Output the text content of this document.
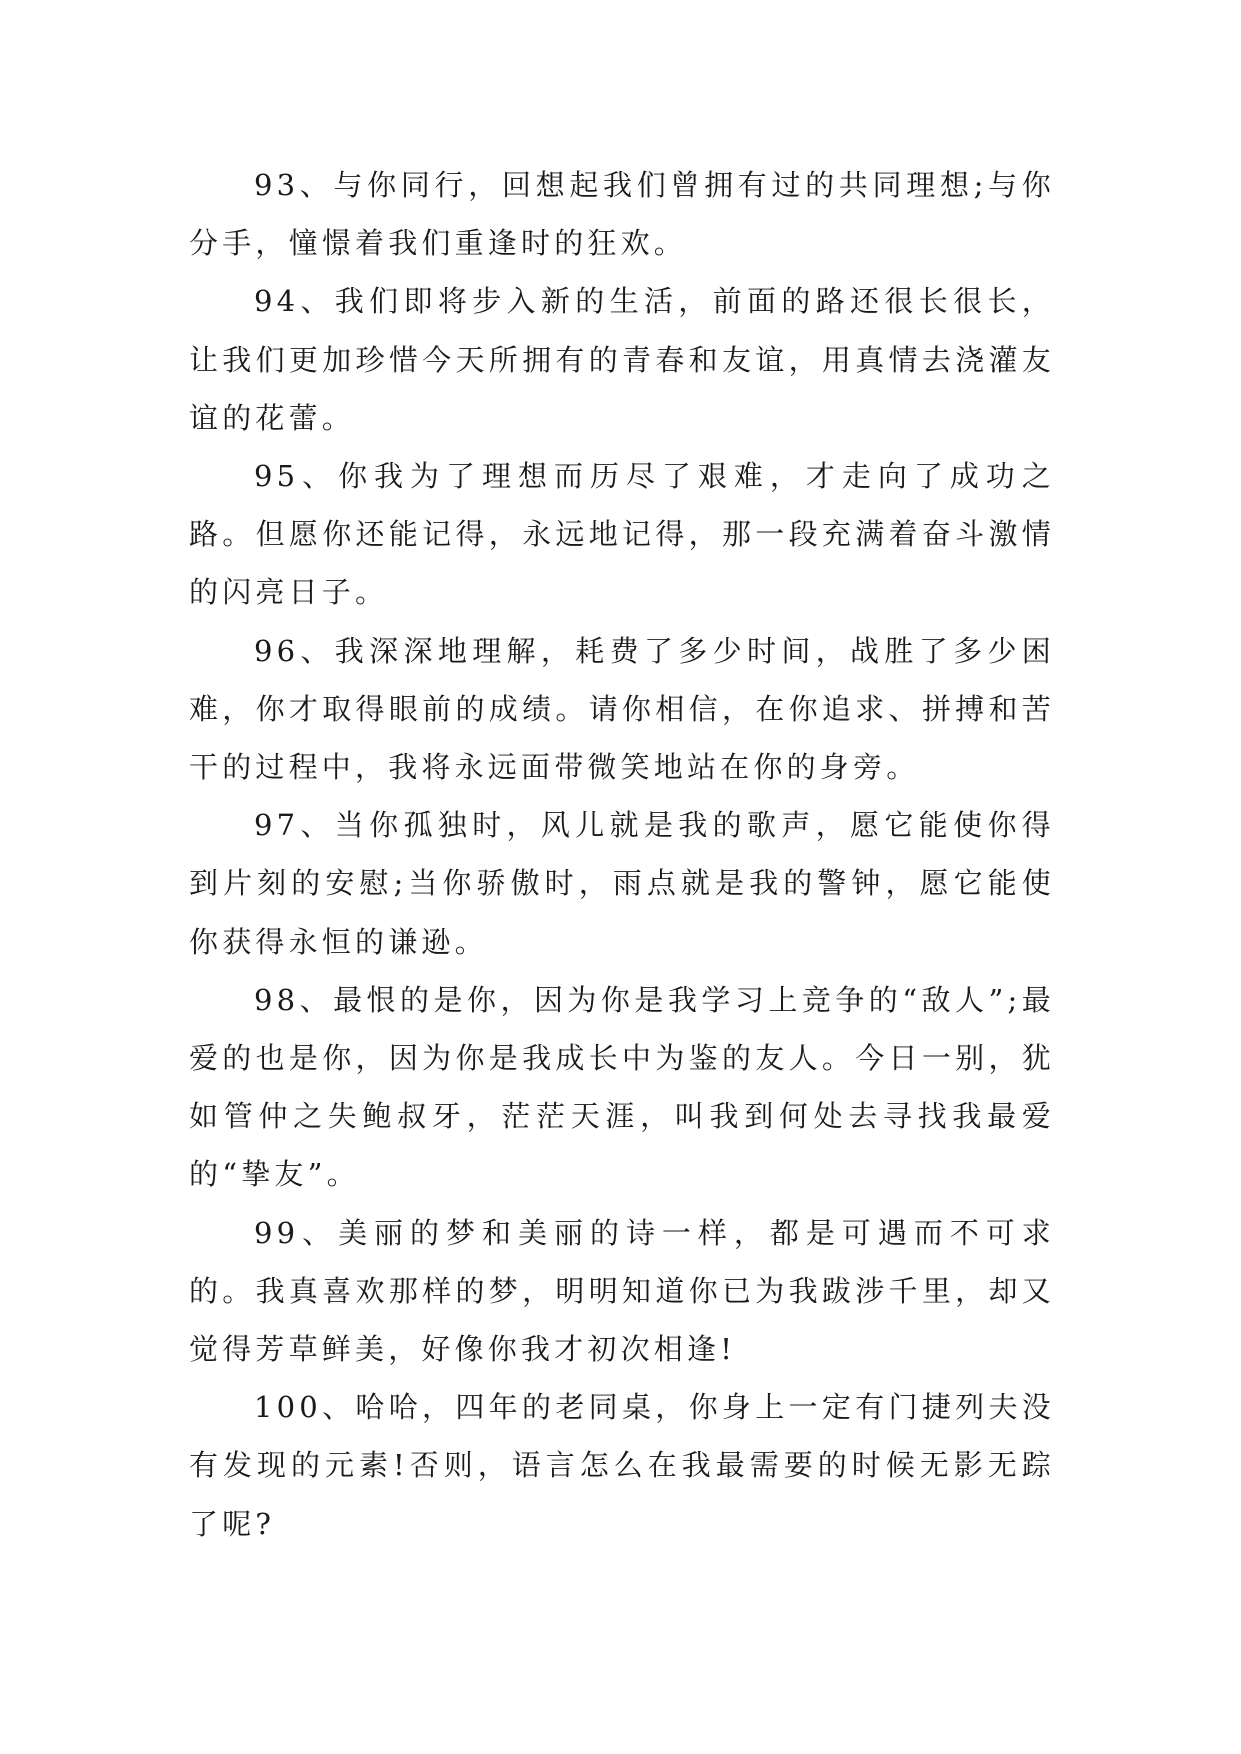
93、与你同行，回想起我们曾拥有过的共同理想;与你分手，憧憬着我们重逢时的狂欢。

94、我们即将步入新的生活，前面的路还很长很长，让我们更加珍惜今天所拥有的青春和友谊，用真情去浇灌友谊的花蕾。

95、你我为了理想而历尽了艰难，才走向了成功之路。但愿你还能记得，永远地记得，那一段充满着奋斗激情的闪亮日子。

96、我深深地理解，耗费了多少时间，战胜了多少困难，你才取得眼前的成绩。请你相信，在你追求、拼搏和苦干的过程中，我将永远面带微笑地站在你的身旁。

97、当你孤独时，风儿就是我的歌声，愿它能使你得到片刻的安慰;当你骄傲时，雨点就是我的警钟，愿它能使你获得永恒的谦逊。

98、最恨的是你，因为你是我学习上竞争的“敌人”;最爱的也是你，因为你是我成长中为鉴的友人。今日一别，犹如管仲之失鲍叔牙，茫茫天涯，叫我到何处去寻找我最爱的“挚友”。

99、美丽的梦和美丽的诗一样，都是可遇而不可求的。我真喜欢那样的梦，明明知道你已为我跋涉千里，却又觉得芳草鲜美，好像你我才初次相逢!

100、哈哈，四年的老同桌，你身上一定有门捷列夫没有发现的元素!否则，语言怎么在我最需要的时候无影无踪了呢?
